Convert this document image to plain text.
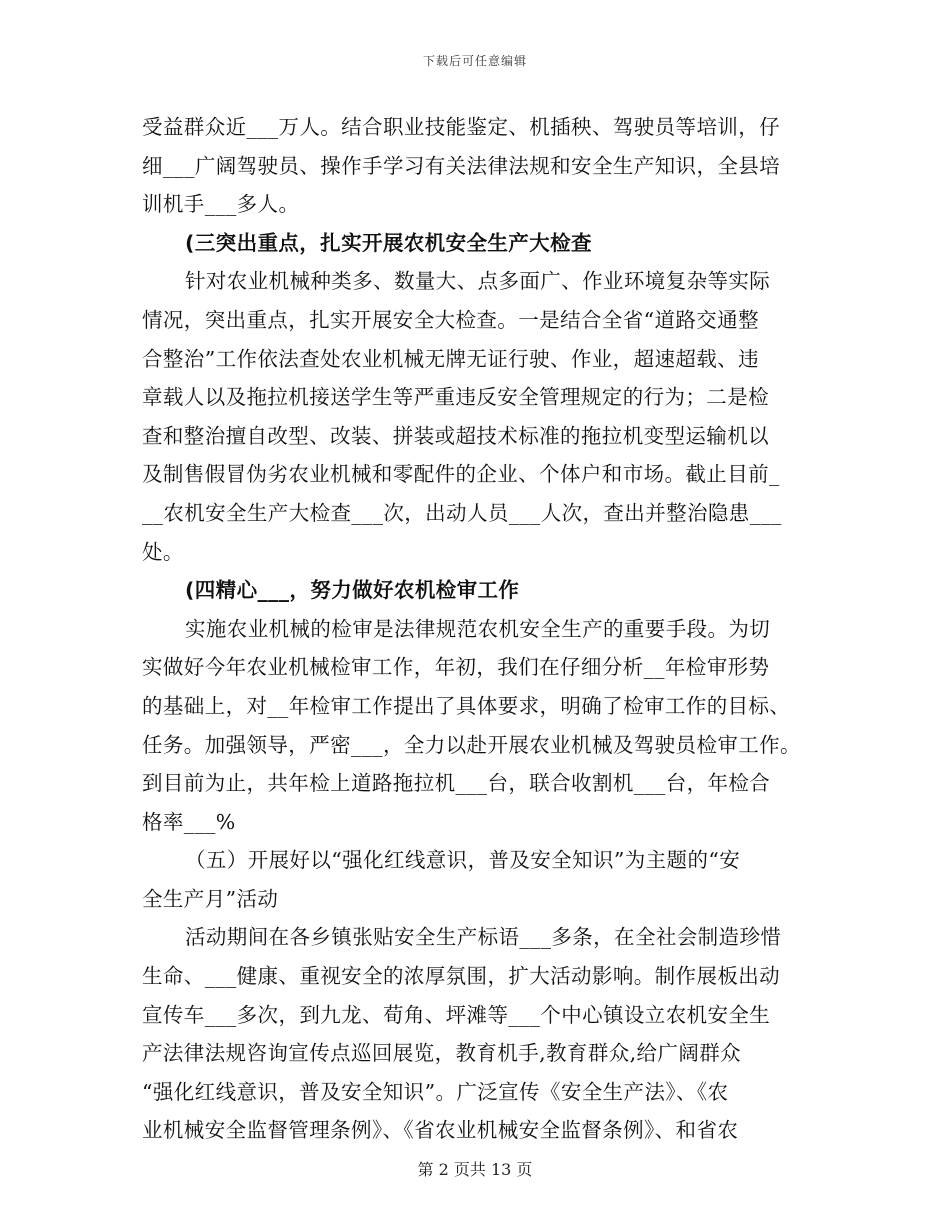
下载后可任意编辑
受益群众近___万人。结合职业技能鉴定、机插秧、驾驶员等培训，仔
细___广阔驾驶员、操作手学习有关法律法规和安全生产知识，全县培
训机手___多人。
(三突出重点，扎实开展农机安全生产大检查
针对农业机械种类多、数量大、点多面广、作业环境复杂等实际
情况，突出重点，扎实开展安全大检查。一是结合全省“道路交通整
合整治”工作依法查处农业机械无牌无证行驶、作业，超速超载、违
章载人以及拖拉机接送学生等严重违反安全管理规定的行为；二是检
查和整治擅自改型、改装、拼装或超技术标准的拖拉机变型运输机以
及制售假冒伪劣农业机械和零配件的企业、个体户和市场。截止目前_
__农机安全生产大检查___次，出动人员___人次，查出并整治隐患___
处。
(四精心___，努力做好农机检审工作
实施农业机械的检审是法律规范农机安全生产的重要手段。为切
实做好今年农业机械检审工作，年初，我们在仔细分析__年检审形势
的基础上，对__年检审工作提出了具体要求，明确了检审工作的目标、
任务。加强领导，严密___，全力以赴开展农业机械及驾驶员检审工作。
到目前为止，共年检上道路拖拉机___台，联合收割机___台，年检合
格率___%
（五）开展好以“强化红线意识，普及安全知识”为主题的“安
全生产月”活动
活动期间在各乡镇张贴安全生产标语___多条，在全社会制造珍惜
生命、___健康、重视安全的浓厚氛围，扩大活动影响。制作展板出动
宣传车___多次，到九龙、荀角、坪滩等___个中心镇设立农机安全生
产法律法规咨询宣传点巡回展览，教育机手,教育群众,给广阔群众
“强化红线意识，普及安全知识”。广泛宣传《安全生产法》、《农
业机械安全监督管理条例》、《省农业机械安全监督条例》、和省农
第 2 页共 13 页
